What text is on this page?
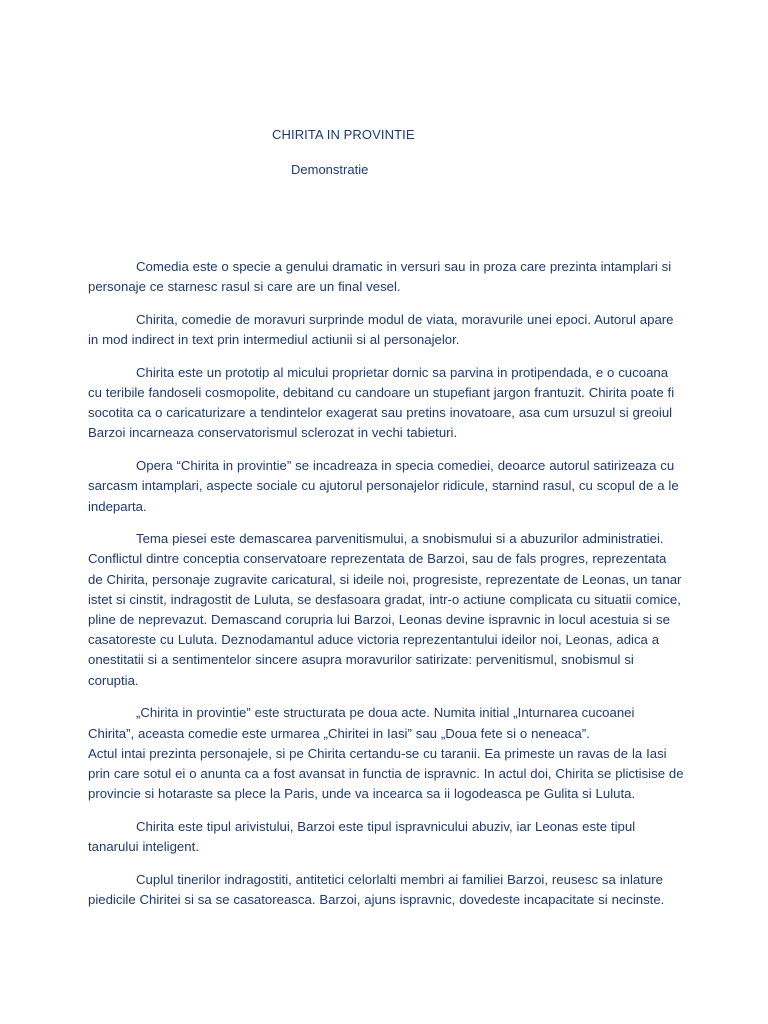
CHIRITA IN PROVINTIE
Demonstratie

Comedia este o specie a genului dramatic in versuri sau in proza care prezinta intamplari si personaje ce starnesc rasul si care are un final vesel.

Chirita, comedie de moravuri surprinde modul de viata, moravurile unei epoci. Autorul apare in mod indirect in text prin intermediul actiunii si al personajelor.

Chirita este un prototip al micului proprietar dornic sa parvina in protipendada, e o cucoana cu teribile fandoseli cosmopolite, debitand cu candoare un stupefiant jargon frantuzit. Chirita poate fi socotita ca o caricaturizare a tendintelor exagerat sau pretins inovatoare, asa cum ursuzul si greoiul Barzoi incarneaza conservatorismul sclerozat in vechi tabieturi.

Opera “Chirita in provintie” se incadreaza in specia comediei, deoarce autorul satirizeaza cu sarcasm intamplari, aspecte sociale cu ajutorul personajelor ridicule, starnind rasul, cu scopul de a le indeparta.

Tema piesei este demascarea parvenitismului, a snobismului si a abuzurilor administratiei. Conflictul dintre conceptia conservatoare reprezentata de Barzoi, sau de fals progres, reprezentata de Chirita, personaje zugravite caricatural, si ideile noi, progresiste, reprezentate de Leonas, un tanar istet si cinstit, indragostit de Luluta, se desfasoara gradat, intr-o actiune complicata cu situatii comice, pline de neprevazut. Demascand corupria lui Barzoi, Leonas devine ispravnic in locul acestuia si se casatoreste cu Luluta. Deznodamantul aduce victoria reprezentantului ideilor noi, Leonas, adica a onestitatii si a sentimentelor sincere asupra moravurilor satirizate: pervenitismul, snobismul si coruptia.

„Chirita in provintie” este structurata pe doua acte. Numita initial „Inturnarea cucoanei Chirita”, aceasta comedie este urmarea „Chiritei in Iasi” sau „Doua fete si o neneaca”.

Actul intai prezinta personajele, si pe Chirita certandu-se cu taranii. Ea primeste un ravas de la Iasi prin care sotul ei o anunta ca a fost avansat in functia de ispravnic. In actul doi, Chirita se plictisise de provincie si hotaraste sa plece la Paris, unde va incearca sa ii logodeasca pe Gulita si Luluta.

Chirita este tipul arivistului, Barzoi este tipul ispravnicului abuziv, iar Leonas este tipul tanarului inteligent.

Cuplul tinerilor indragostiti, antitetici celorlalti membri ai familiei Barzoi, reusesc sa inlature piedicile Chiritei si sa se casatoreasca. Barzoi, ajuns ispravnic, dovedeste incapacitate si necinste.
